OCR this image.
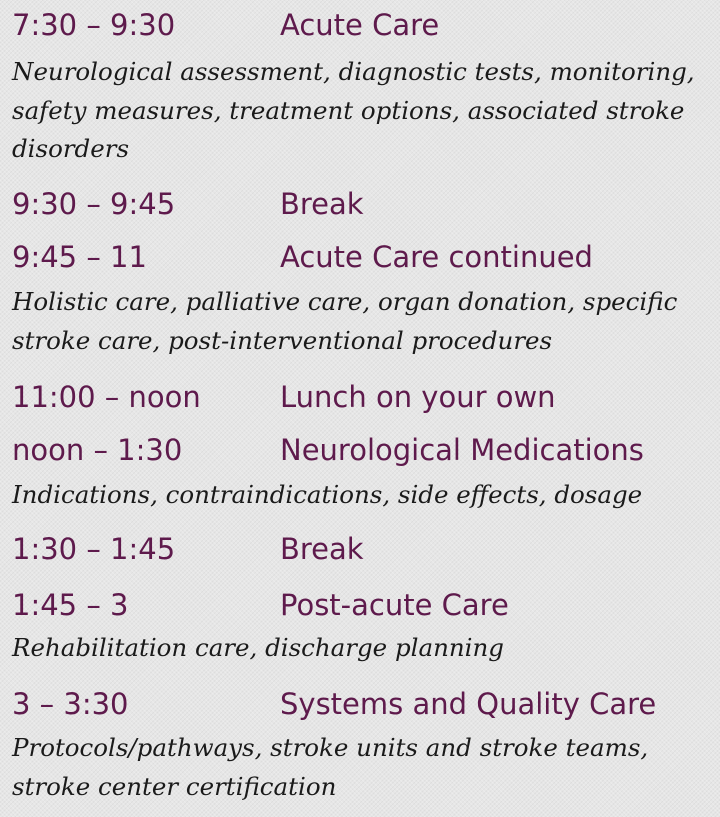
7:30 – 9:30	Acute Care
Neurological assessment, diagnostic tests, monitoring,
safety measures, treatment options, associated stroke
disorders
9:30 – 9:45	Break
9:45 – 11	Acute Care continued
Holistic care, palliative care, organ donation, specific
stroke care, post-interventional procedures
11:00 – noon	Lunch on your own
noon – 1:30	Neurological Medications
Indications, contraindications, side effects, dosage
1:30 – 1:45	Break
1:45 – 3	Post-acute Care
Rehabilitation care, discharge planning
3 – 3:30	Systems and Quality Care
Protocols/pathways, stroke units and stroke teams,
stroke center certification
